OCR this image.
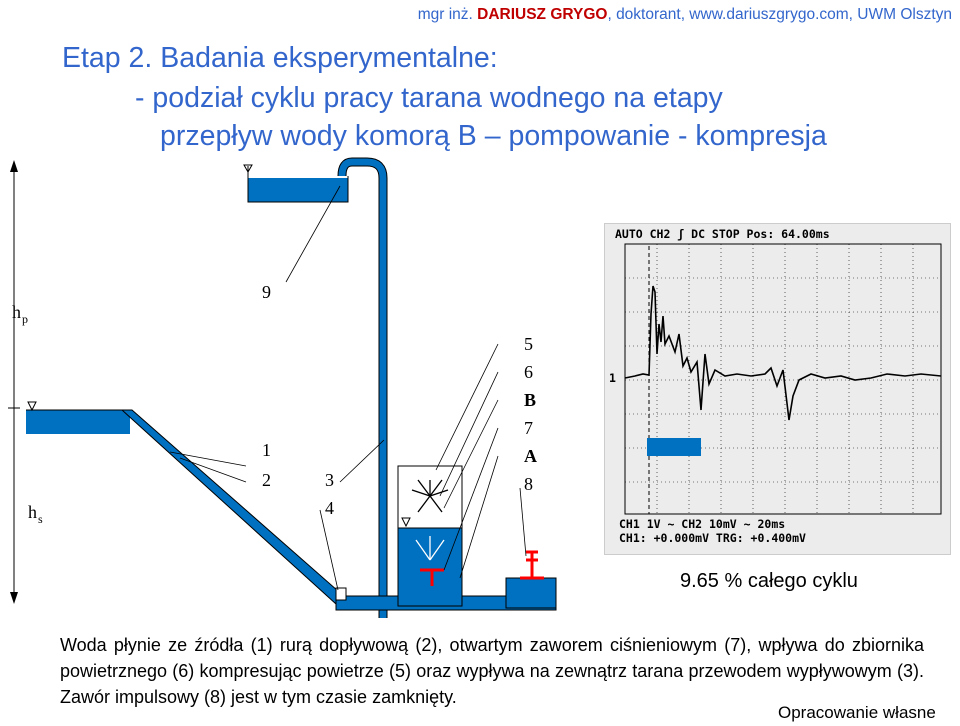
mgr inż. DARIUSZ GRYGO, doktorant, www.dariuszgrygo.com, UWM Olsztyn
Etap 2. Badania eksperymentalne:
- podział cyklu pracy tarana wodnego na etapy
przepływ wody komorą B – pompowanie - kompresja
h p
h s
9
1
2	3
4
5
6
B
7
A
8
AUTO CH2 ʃ DC STOP Pos: 64.00ms
1
CH1 1V ~ CH2 10mV ~ 20ms
CH1: +0.000mV TRG: +0.400mV
9.65 % całego cyklu
Woda płynie ze źródła (1) rurą dopływową (2), otwartym zaworem ciśnieniowym (7), wpływa do zbiornika powietrznego (6) kompresując powietrze (5) oraz wypływa na zewnątrz tarana przewodem wypływowym (3). Zawór impulsowy (8) jest w tym czasie zamknięty.
Opracowanie własne
